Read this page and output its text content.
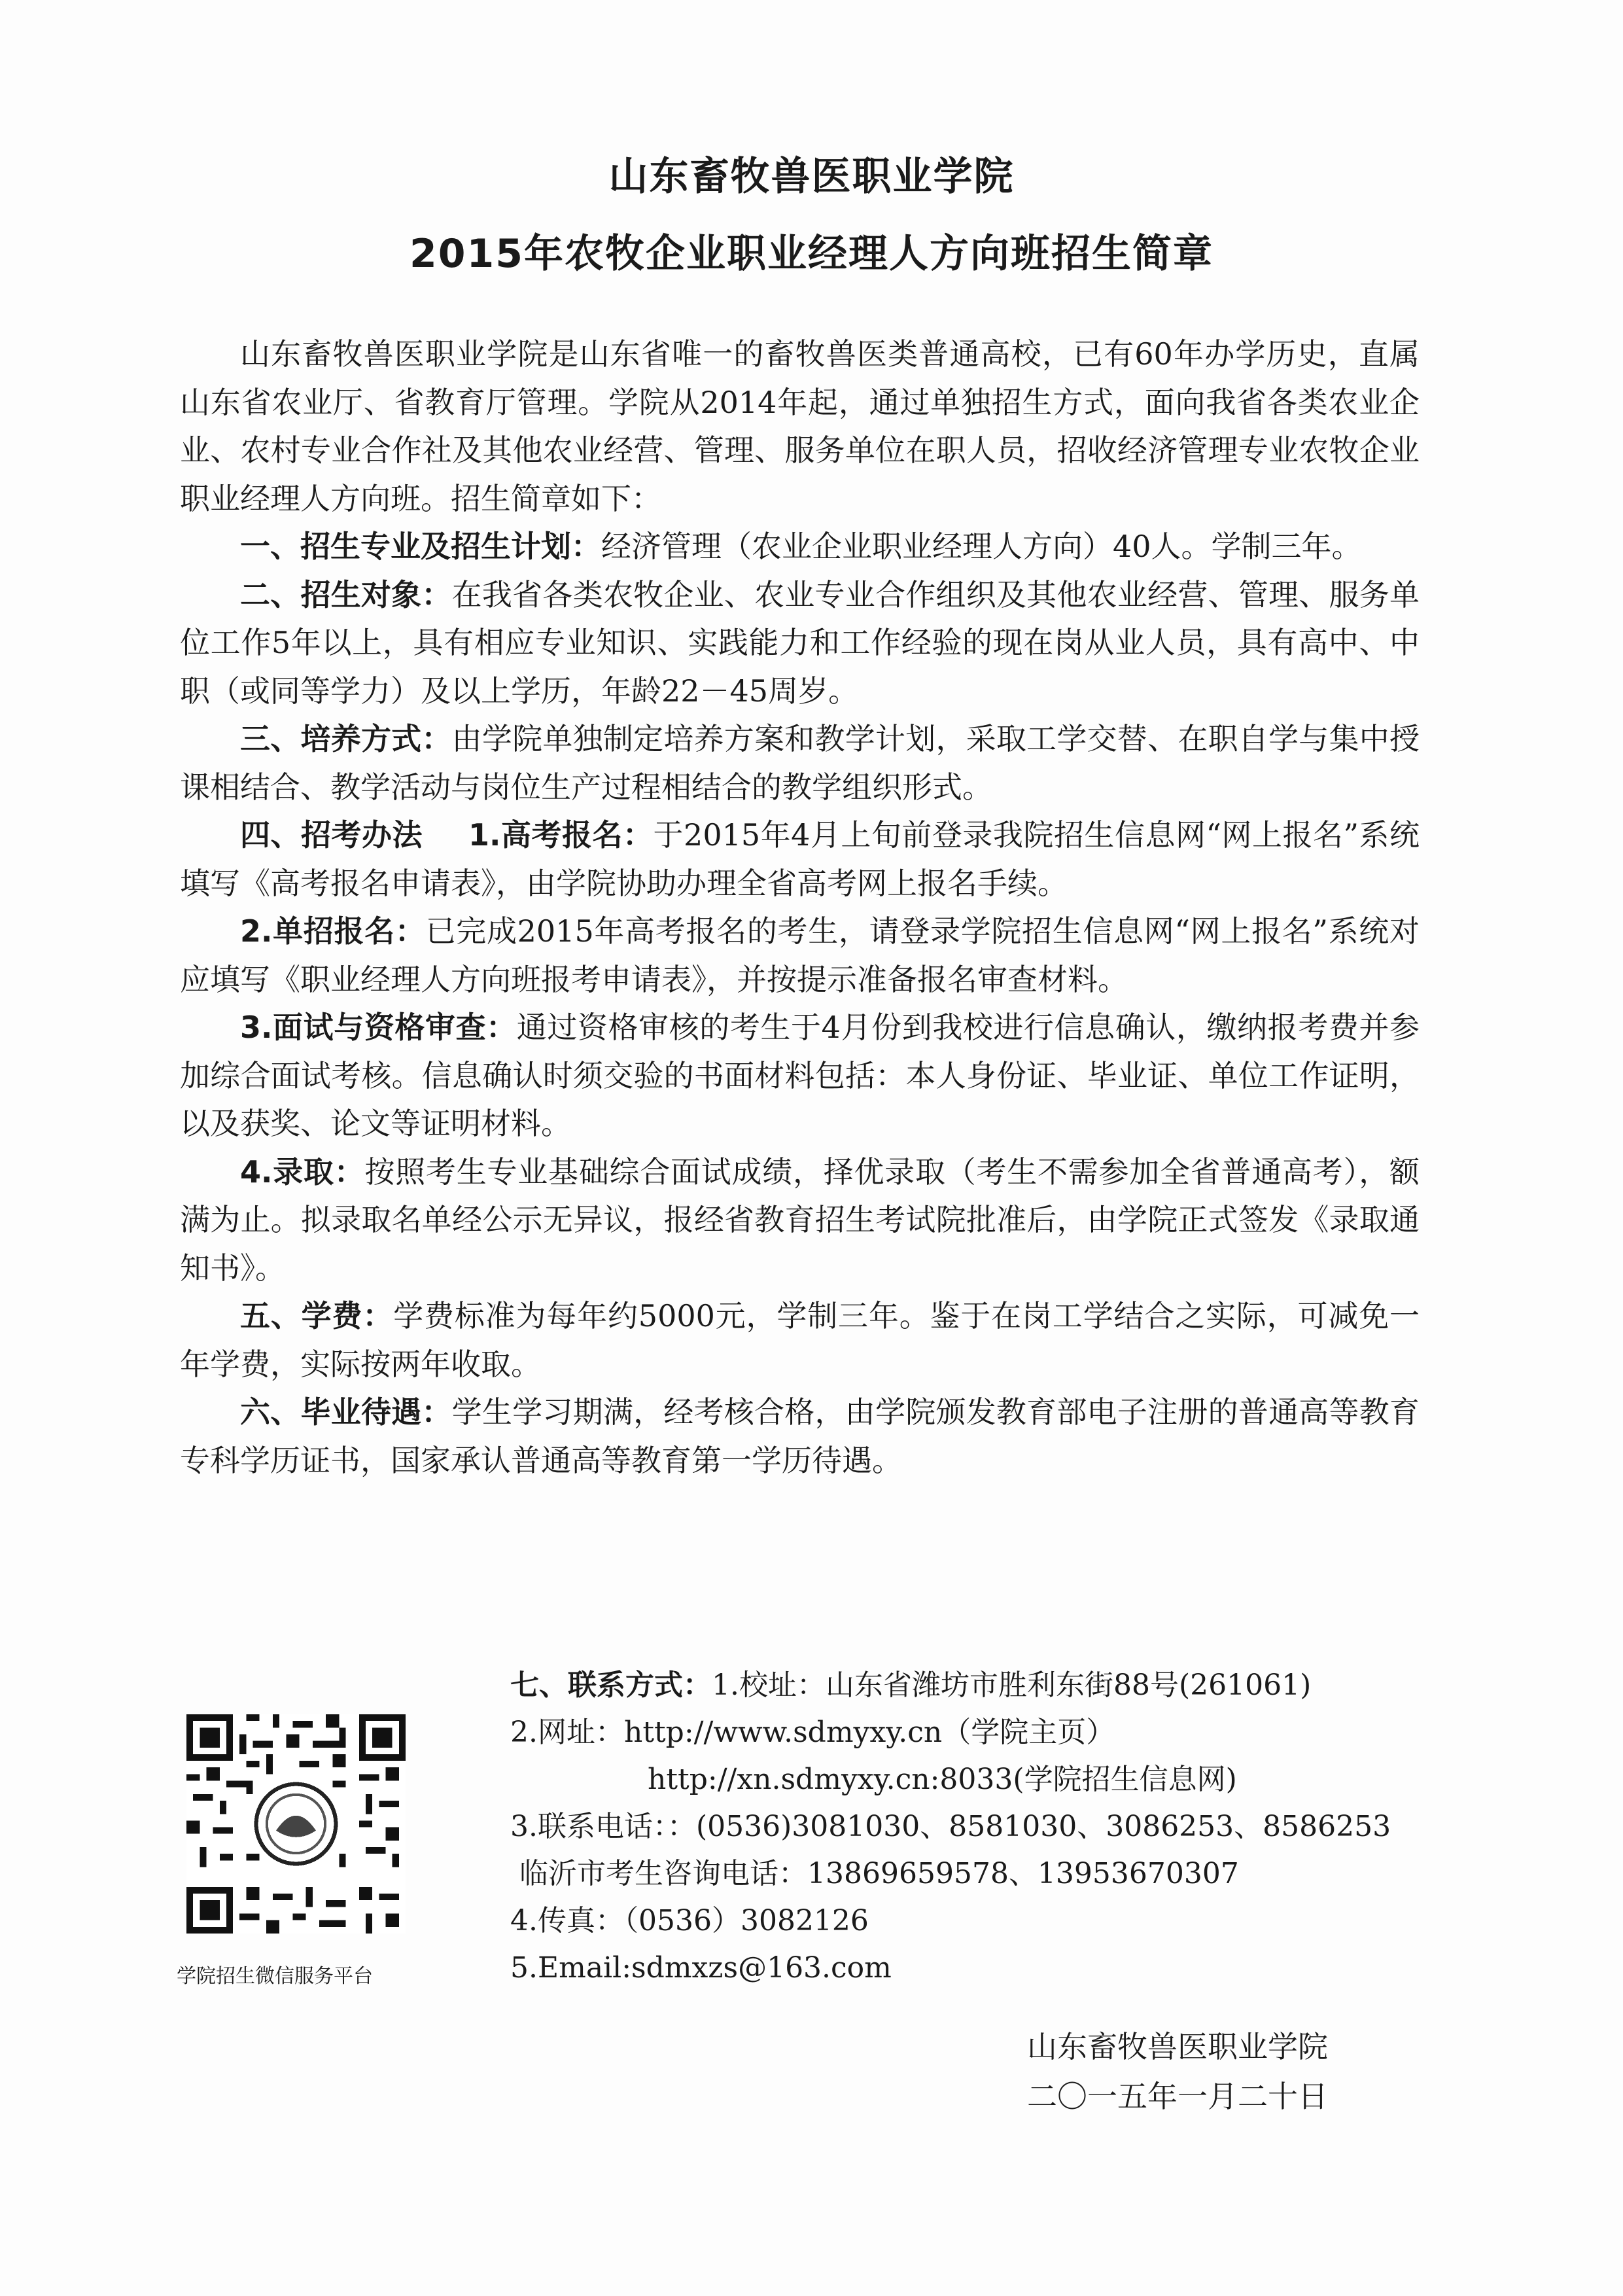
山东畜牧兽医职业学院
2015年农牧企业职业经理人方向班招生简章

山东畜牧兽医职业学院是山东省唯一的畜牧兽医类普通高校，已有60年办学历史，直属山东省农业厅、省教育厅管理。学院从2014年起，通过单独招生方式，面向我省各类农业企业、农村专业合作社及其他农业经营、管理、服务单位在职人员，招收经济管理专业农牧企业职业经理人方向班。招生简章如下：

一、招生专业及招生计划：经济管理（农业企业职业经理人方向）40人。学制三年。

二、招生对象：在我省各类农牧企业、农业专业合作组织及其他农业经营、管理、服务单位工作5年以上，具有相应专业知识、实践能力和工作经验的现在岗从业人员，具有高中、中职（或同等学力）及以上学历，年龄22－45周岁。

三、培养方式：由学院单独制定培养方案和教学计划，采取工学交替、在职自学与集中授课相结合、教学活动与岗位生产过程相结合的教学组织形式。

四、招考办法 1.高考报名：于2015年4月上旬前登录我院招生信息网“网上报名”系统填写《高考报名申请表》，由学院协助办理全省高考网上报名手续。

2.单招报名：已完成2015年高考报名的考生，请登录学院招生信息网“网上报名”系统对应填写《职业经理人方向班报考申请表》，并按提示准备报名审查材料。

3.面试与资格审查：通过资格审核的考生于4月份到我校进行信息确认，缴纳报考费并参加综合面试考核。信息确认时须交验的书面材料包括：本人身份证、毕业证、单位工作证明，以及获奖、论文等证明材料。

4.录取：按照考生专业基础综合面试成绩，择优录取（考生不需参加全省普通高考），额满为止。拟录取名单经公示无异议，报经省教育招生考试院批准后，由学院正式签发《录取通知书》。

五、学费：学费标准为每年约5000元，学制三年。鉴于在岗工学结合之实际，可减免一年学费，实际按两年收取。

六、毕业待遇：学生学习期满，经考核合格，由学院颁发教育部电子注册的普通高等教育专科学历证书，国家承认普通高等教育第一学历待遇。

七、联系方式：1.校址：山东省潍坊市胜利东街88号(261061)
2.网址：http://www.sdmyxy.cn（学院主页）
http://xn.sdmyxy.cn:8033(学院招生信息网)
3.联系电话：：(0536)3081030、8581030、3086253、8586253
临沂市考生咨询电话：13869659578、13953670307
4.传真：（0536）3082126
5.Email:sdmxzs@163.com
学院招生微信服务平台
山东畜牧兽医职业学院
二〇一五年一月二十日
